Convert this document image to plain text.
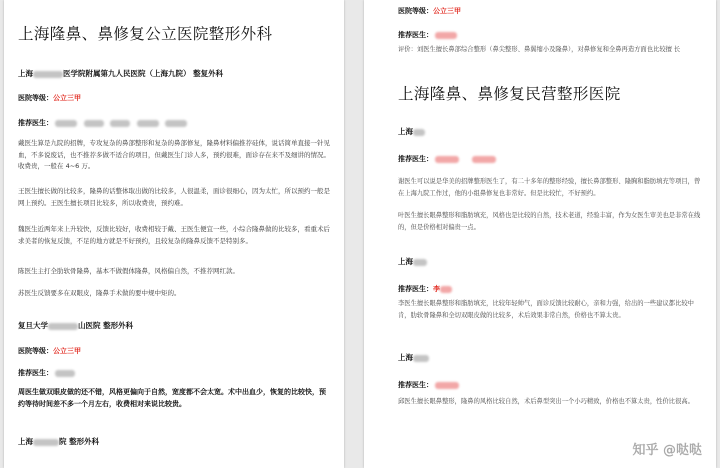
上海隆鼻、鼻修复公立医院整形外科
上海	医学院附属第九人民医院（上海九院） 整复外科
医院等级：公立三甲
推荐医生：
戴医生算是九院的招牌，专攻复杂的鼻部整形和复杂的鼻部修复，隆鼻材料偏推荐硅体，说话简单直接一针见血，不多说废话，也不推荐多做不适合的项目，但戴医生门诊人多，预约很难，面诊存在来不及细讲的情况。收费贵，一般在 4~6 万。
王医生擅长做的比较多，隆鼻的话整体取出做的比较多，人很温柔，面诊很细心，因为太忙，所以预约一般是网上预约。王医生擅长项目比较多，所以收费贵，预约难。
魏医生近两年来上升较快，反馈比较好，收费相较于戴、王医生便宜一些，小综合隆鼻做的比较多，看重术后求美者的恢复反馈，不足的地方就是不好预约，且较复杂的隆鼻反馈不是特别多。
陈医生主打全肋软骨隆鼻，基本不做假体隆鼻，风格偏自然，不推荐网红款。
苏医生反馈要多在双眼皮，隆鼻手术做的要中规中矩的。
复旦大学	山医院 整形外科
医院等级：公立三甲
推荐医生：
周医生做双眼皮做的还不错，风格更偏向于自然，宽度都不会太宽。术中出血少，恢复的比较快，预约等待时间差不多一个月左右，收费相对来说比较贵。
上海	院 整形外科
医院等级：公立三甲
推荐医生：
评价：刘医生擅长鼻部综合整形（鼻尖整形、鼻翼缩小及隆鼻），对鼻修复和全鼻再造方面也比较擅 长
上海隆鼻、鼻修复民营整形医院
上海
推荐医生：
谢医生可以说是华美的招牌整形医生了，有二十多年的整形经验，擅长鼻部整形、隆胸和脂肪填充等项目，曾在上海九院工作过，他的小组鼻修复也非常好。但是比较忙，不好预约。
叶医生擅长眼鼻整形和脂肪填充，风格也是比较的自然，技术老道，经验丰富，作为女医生审美也是非常在线的，但是价格相对偏贵一点。
上海
推荐医生：李
李医生擅长眼鼻整形和脂肪填充，比较年轻帅气，面诊反馈比较耐心，亲和力强，给出的一些建议都比较中肯，肋软骨隆鼻和全切双眼皮做的比较多，术后效果非常自然，价格也不算太贵。
上海
推荐医生：
邱医生擅长眼鼻整形，隆鼻的风格比较自然，术后鼻型突出一个小巧精致，价格也不算太贵，性价比很高。
知乎 @哒哒
